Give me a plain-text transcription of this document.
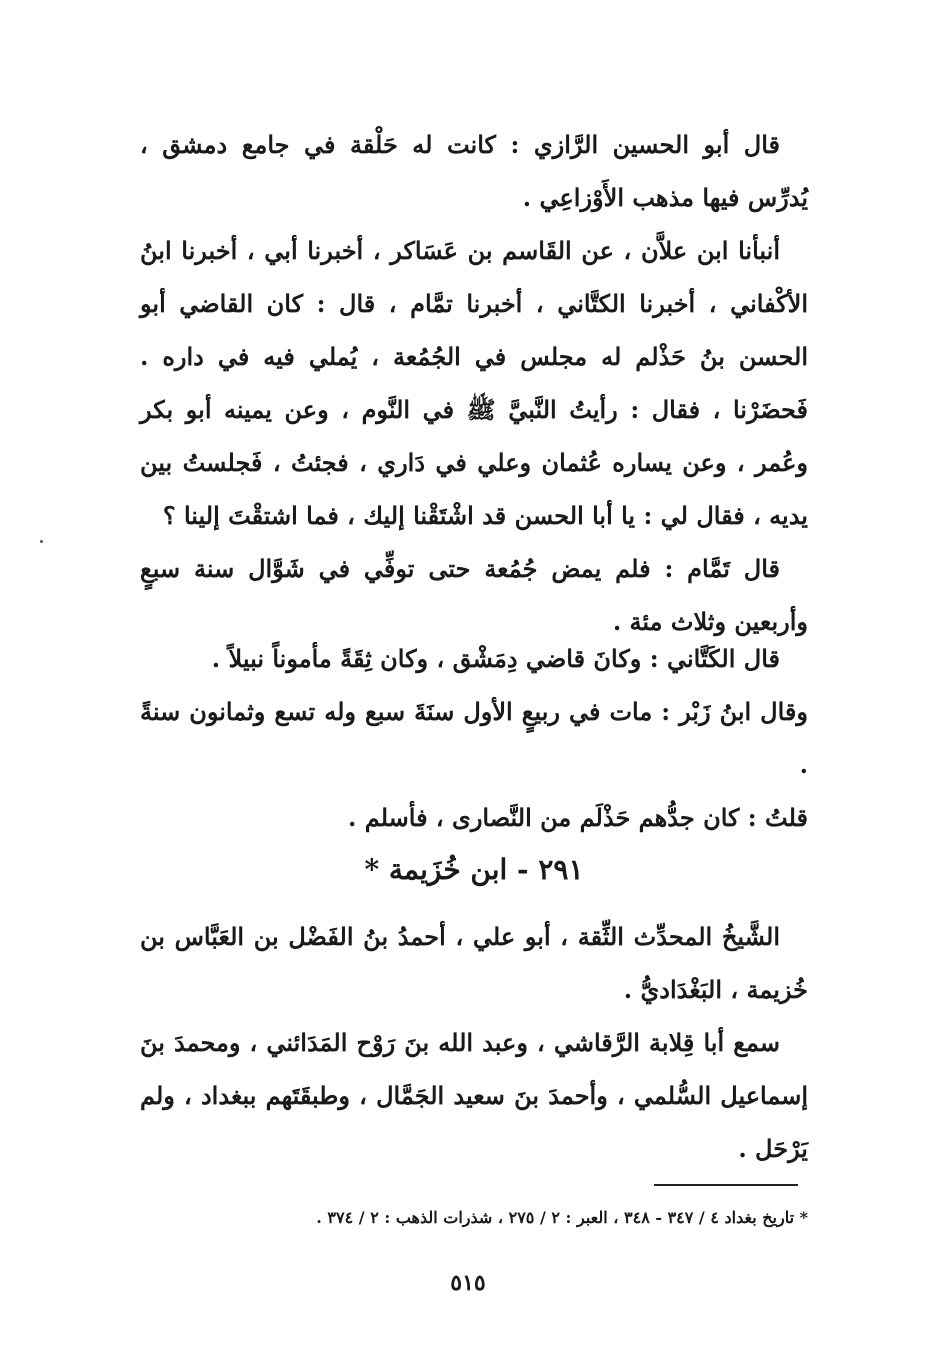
قال أبو الحسين الرَّازي : كانت له حَلْقة في جامع دمشق ، يُدرِّس فيها مذهب الأَوْزاعِي .

أنبأنا ابن علاَّن ، عن القَاسم بن عَسَاكر ، أخبرنا أبي ، أخبرنا ابنُ الأكْفاني ، أخبرنا الكتَّاني ، أخبرنا تمَّام ، قال : كان القاضي أبو الحسن بنُ حَذْلم له مجلس في الجُمُعة ، يُملي فيه في داره . فَحضَرْنا ، فقال : رأيتُ النَّبيَّ ﷺ في النَّوم ، وعن يمينه أبو بكر وعُمر ، وعن يساره عُثمان وعلي في دَاري ، فجئتُ ، فَجلستُ بين يديه ، فقال لي : يا أبا الحسن قد اشْتَقْنا إليك ، فما اشتقْتَ إلينا ؟

قال تَمَّام : فلم يمض جُمُعة حتى توفِّي في شَوَّال سنة سبعٍ وأربعين وثلاث مئة .

قال الكَتَّاني : وكانَ قاضي دِمَشْق ، وكان ثِقَةً مأموناً نبيلاً .

وقال ابنُ زَبْر : مات في ربيعٍ الأول سنَةَ سبع وله تسع وثمانون سنةً .

قلتُ : كان جدُّهم حَذْلَم من النَّصارى ، فأسلم .

٢٩١ - ابن خُزَيمة *

الشَّيخُ المحدِّث الثِّقة ، أبو علي ، أحمدُ بنُ الفَضْل بن العَبَّاس بن خُزيمة ، البَغْدَاديُّ .

سمع أبا قِلابة الرَّقاشي ، وعبد الله بنَ رَوْح المَدَائني ، ومحمدَ بنَ إسماعيل السُّلمي ، وأحمدَ بنَ سعيد الجَمَّال ، وطبقَتَهم ببغداد ، ولم يَرْحَل .

* تاريخ بغداد ٤ / ٣٤٧ - ٣٤٨ ، العبر : ٢ / ٢٧٥ ، شذرات الذهب : ٢ / ٣٧٤ .

٥١٥
